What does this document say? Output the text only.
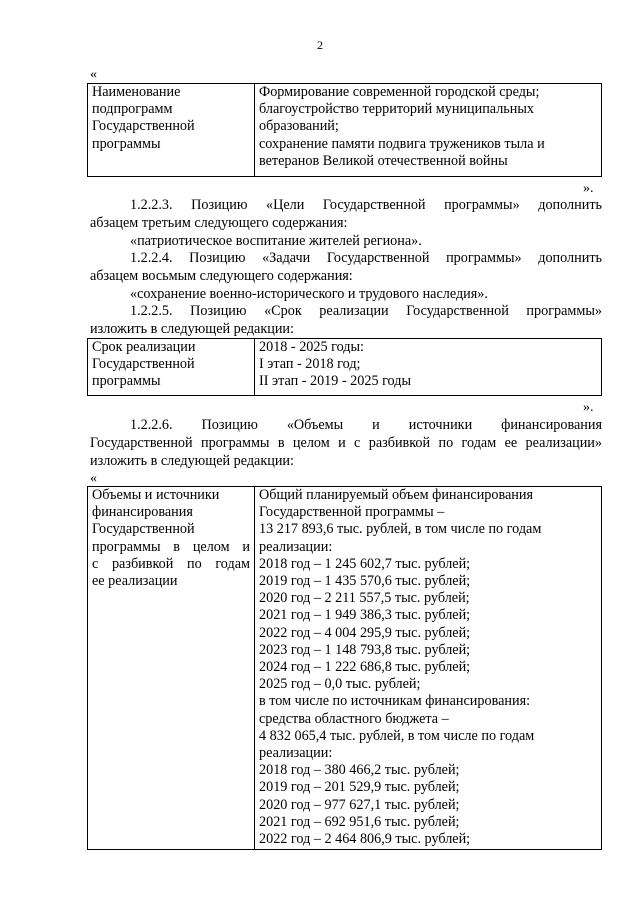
2
«
Наименование
подпрограмм
Государственной
программы

Формирование современной городской среды;
благоустройство территорий муниципальных
образований;
сохранение памяти подвига тружеников тыла и
ветеранов Великой отечественной войны
».
1.2.2.3. Позицию «Цели Государственной программы» дополнить
абзацем третьим следующего содержания:
«патриотическое воспитание жителей региона».
1.2.2.4. Позицию «Задачи Государственной программы» дополнить
абзацем восьмым следующего содержания:
«сохранение военно-исторического и трудового наследия».
1.2.2.5. Позицию «Срок реализации Государственной программы»
изложить в следующей редакции:
Срок реализации
Государственной
программы

2018 - 2025 годы:
I этап - 2018 год;
II этап - 2019 - 2025 годы
».
1.2.2.6. Позицию «Объемы и источники финансирования
Государственной программы в целом и с разбивкой по годам ее реализации»
изложить в следующей редакции:
«
Объемы и источники
финансирования
Государственной
программы в целом и
с разбивкой по годам
ее реализации

Общий планируемый объем финансирования
Государственной программы –
13 217 893,6 тыс. рублей, в том числе по годам
реализации:
2018 год – 1 245 602,7 тыс. рублей;
2019 год – 1 435 570,6 тыс. рублей;
2020 год – 2 211 557,5 тыс. рублей;
2021 год – 1 949 386,3 тыс. рублей;
2022 год – 4 004 295,9 тыс. рублей;
2023 год – 1 148 793,8 тыс. рублей;
2024 год – 1 222 686,8 тыс. рублей;
2025 год – 0,0 тыс. рублей;
в том числе по источникам финансирования:
средства областного бюджета –
4 832 065,4 тыс. рублей, в том числе по годам
реализации:
2018 год – 380 466,2 тыс. рублей;
2019 год – 201 529,9 тыс. рублей;
2020 год – 977 627,1 тыс. рублей;
2021 год – 692 951,6 тыс. рублей;
2022 год – 2 464 806,9 тыс. рублей;
